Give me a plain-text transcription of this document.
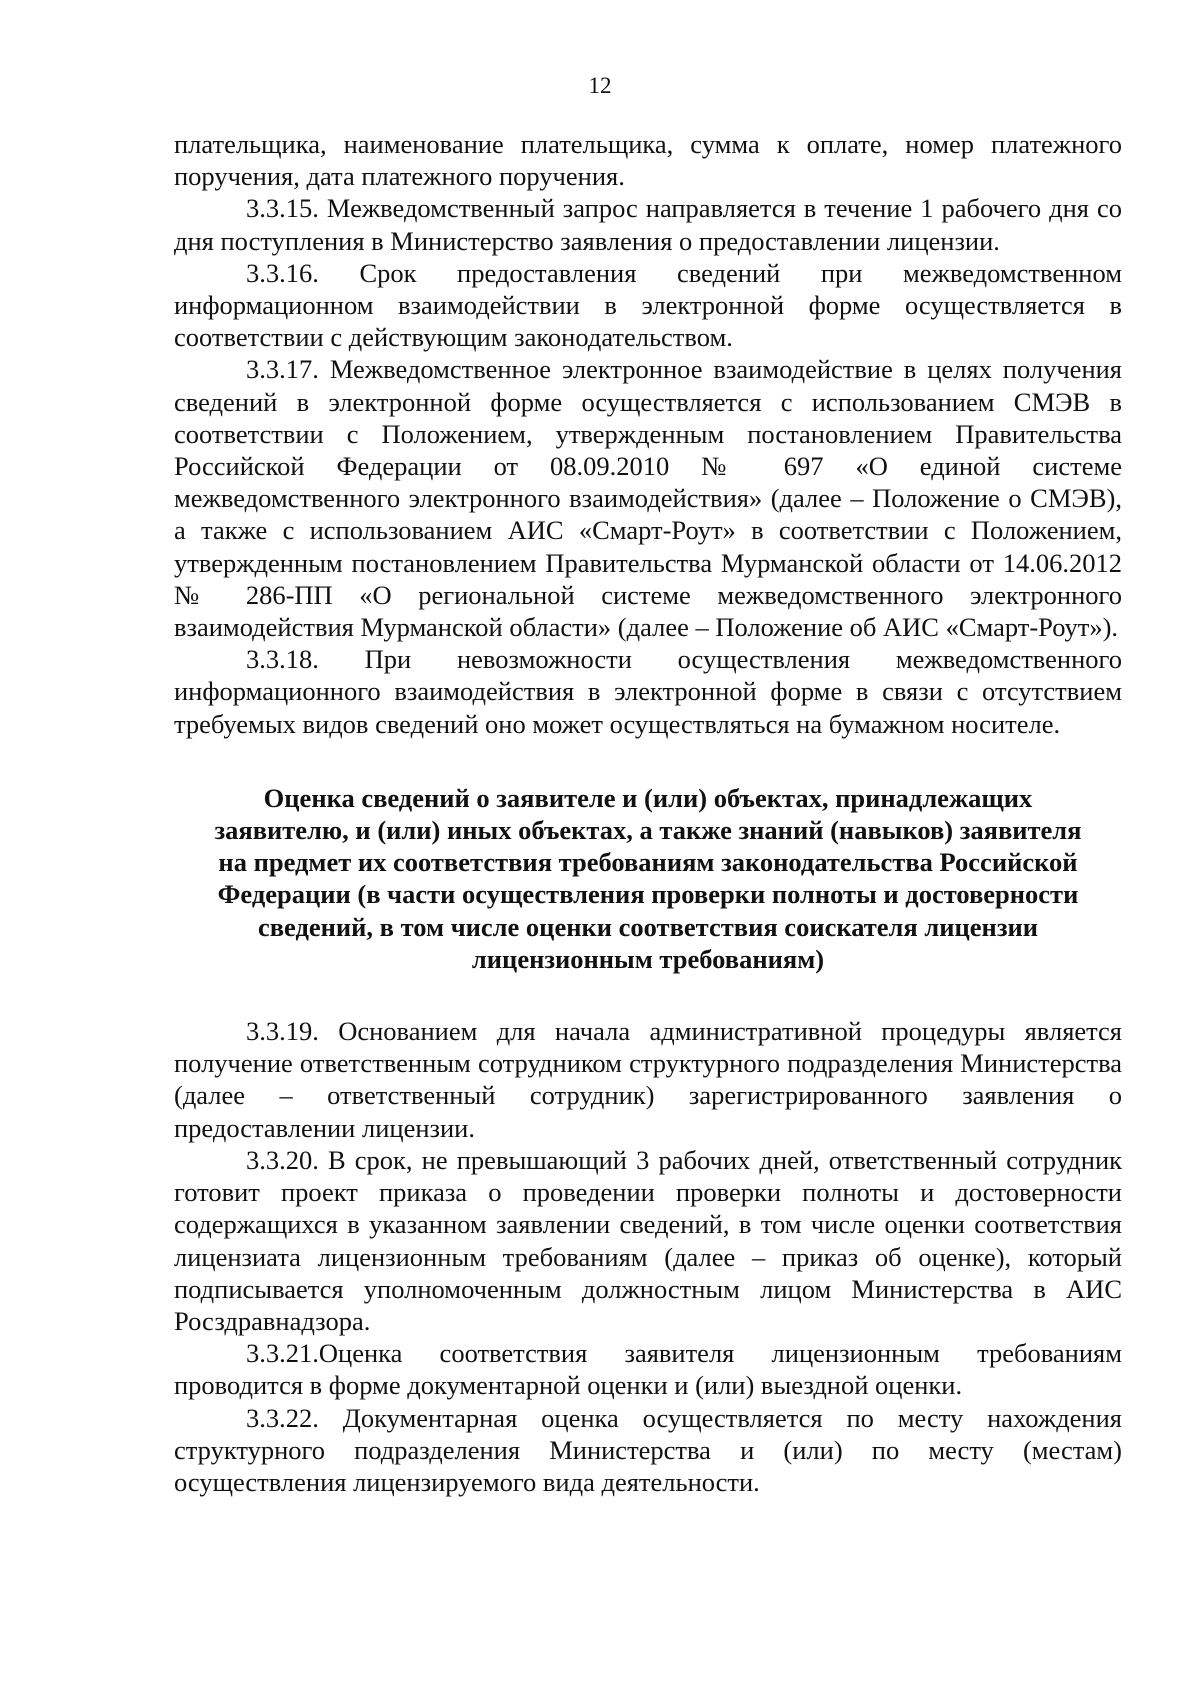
12

плательщика, наименование плательщика, сумма к оплате, номер платежного поручения, дата платежного поручения.

3.3.15. Межведомственный запрос направляется в течение 1 рабочего дня со дня поступления в Министерство заявления о предоставлении лицензии.

3.3.16. Срок предоставления сведений при межведомственном информационном взаимодействии в электронной форме осуществляется в соответствии с действующим законодательством.

3.3.17. Межведомственное электронное взаимодействие в целях получения сведений в электронной форме осуществляется с использованием СМЭВ в соответствии с Положением, утвержденным постановлением Правительства Российской Федерации от 08.09.2010 № 697 «О единой системе межведомственного электронного взаимодействия» (далее – Положение о СМЭВ), а также с использованием АИС «Смарт-Роут» в соответствии с Положением, утвержденным постановлением Правительства Мурманской области от 14.06.2012 № 286-ПП «О региональной системе межведомственного электронного взаимодействия Мурманской области» (далее – Положение об АИС «Смарт-Роут»).

3.3.18. При невозможности осуществления межведомственного информационного взаимодействия в электронной форме в связи с отсутствием требуемых видов сведений оно может осуществляться на бумажном носителе.

Оценка сведений о заявителе и (или) объектах, принадлежащих
заявителю, и (или) иных объектах, а также знаний (навыков) заявителя
на предмет их соответствия требованиям законодательства Российской
Федерации (в части осуществления проверки полноты и достоверности
сведений, в том числе оценки соответствия соискателя лицензии
лицензионным требованиям)

3.3.19. Основанием для начала административной процедуры является получение ответственным сотрудником структурного подразделения Министерства (далее – ответственный сотрудник) зарегистрированного заявления о предоставлении лицензии.

3.3.20. В срок, не превышающий 3 рабочих дней, ответственный сотрудник готовит проект приказа о проведении проверки полноты и достоверности содержащихся в указанном заявлении сведений, в том числе оценки соответствия лицензиата лицензионным требованиям (далее – приказ об оценке), который подписывается уполномоченным должностным лицом Министерства в АИС Росздравнадзора.

3.3.21.Оценка соответствия заявителя лицензионным требованиям проводится в форме документарной оценки и (или) выездной оценки.

3.3.22. Документарная оценка осуществляется по месту нахождения структурного подразделения Министерства и (или) по месту (местам) осуществления лицензируемого вида деятельности.
